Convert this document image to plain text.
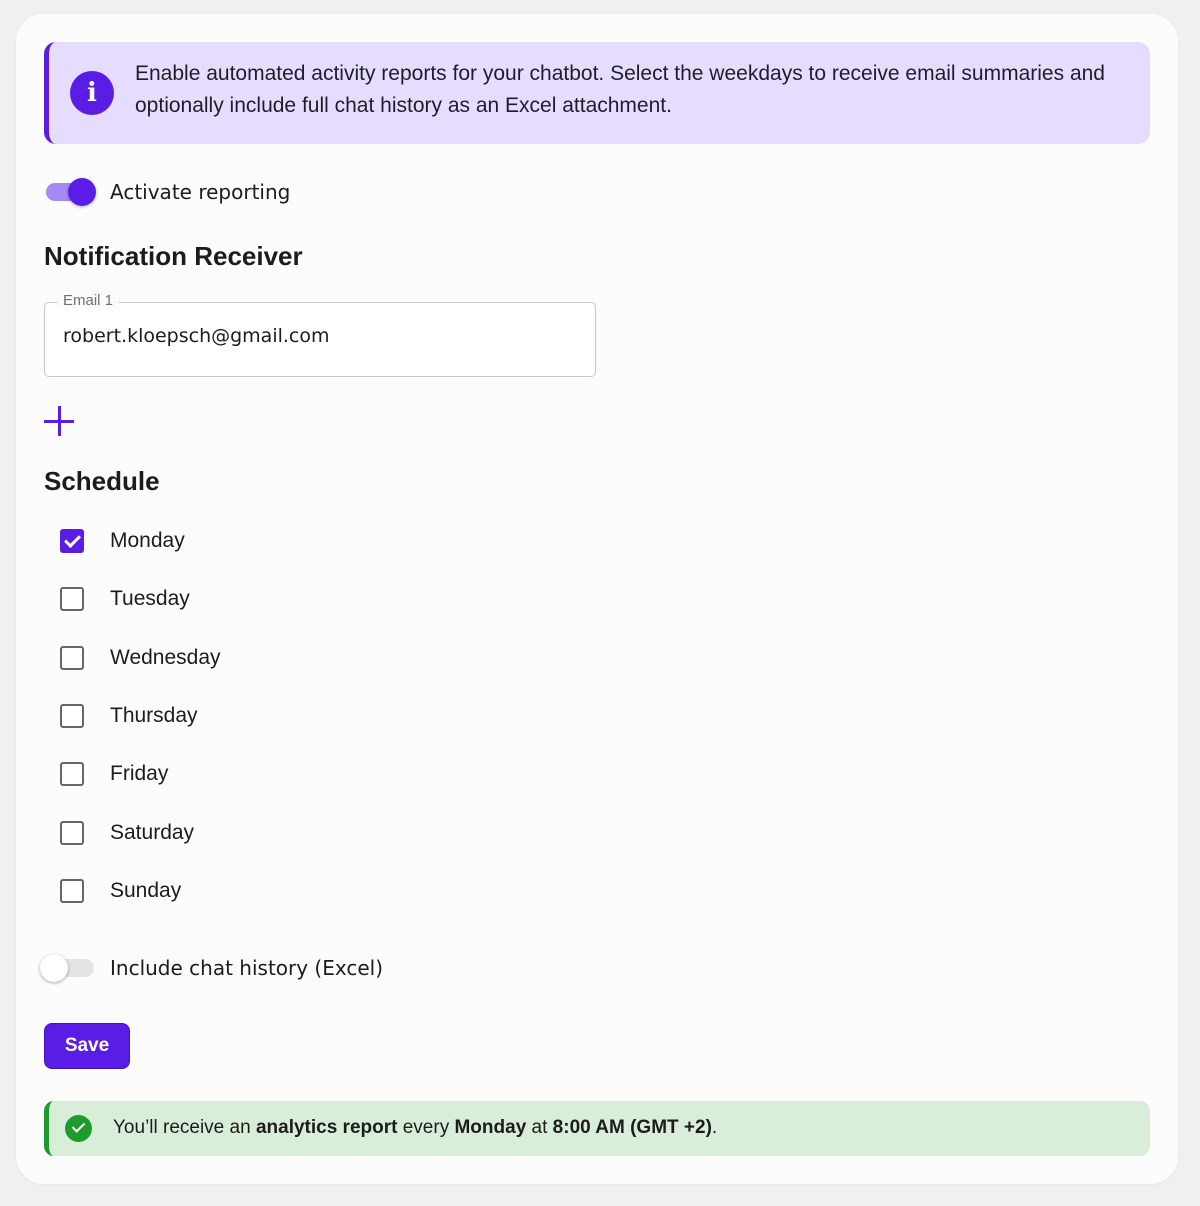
i
Enable automated activity reports for your chatbot. Select the weekdays to receive email summaries and optionally include full chat history as an Excel attachment.
Activate reporting
Notification Receiver
Email 1
robert.kloepsch@gmail.com
Schedule
Monday
Tuesday
Wednesday
Thursday
Friday
Saturday
Sunday
Include chat history (Excel)
Save
You’ll receive an analytics report every Monday at 8:00 AM (GMT +2).
